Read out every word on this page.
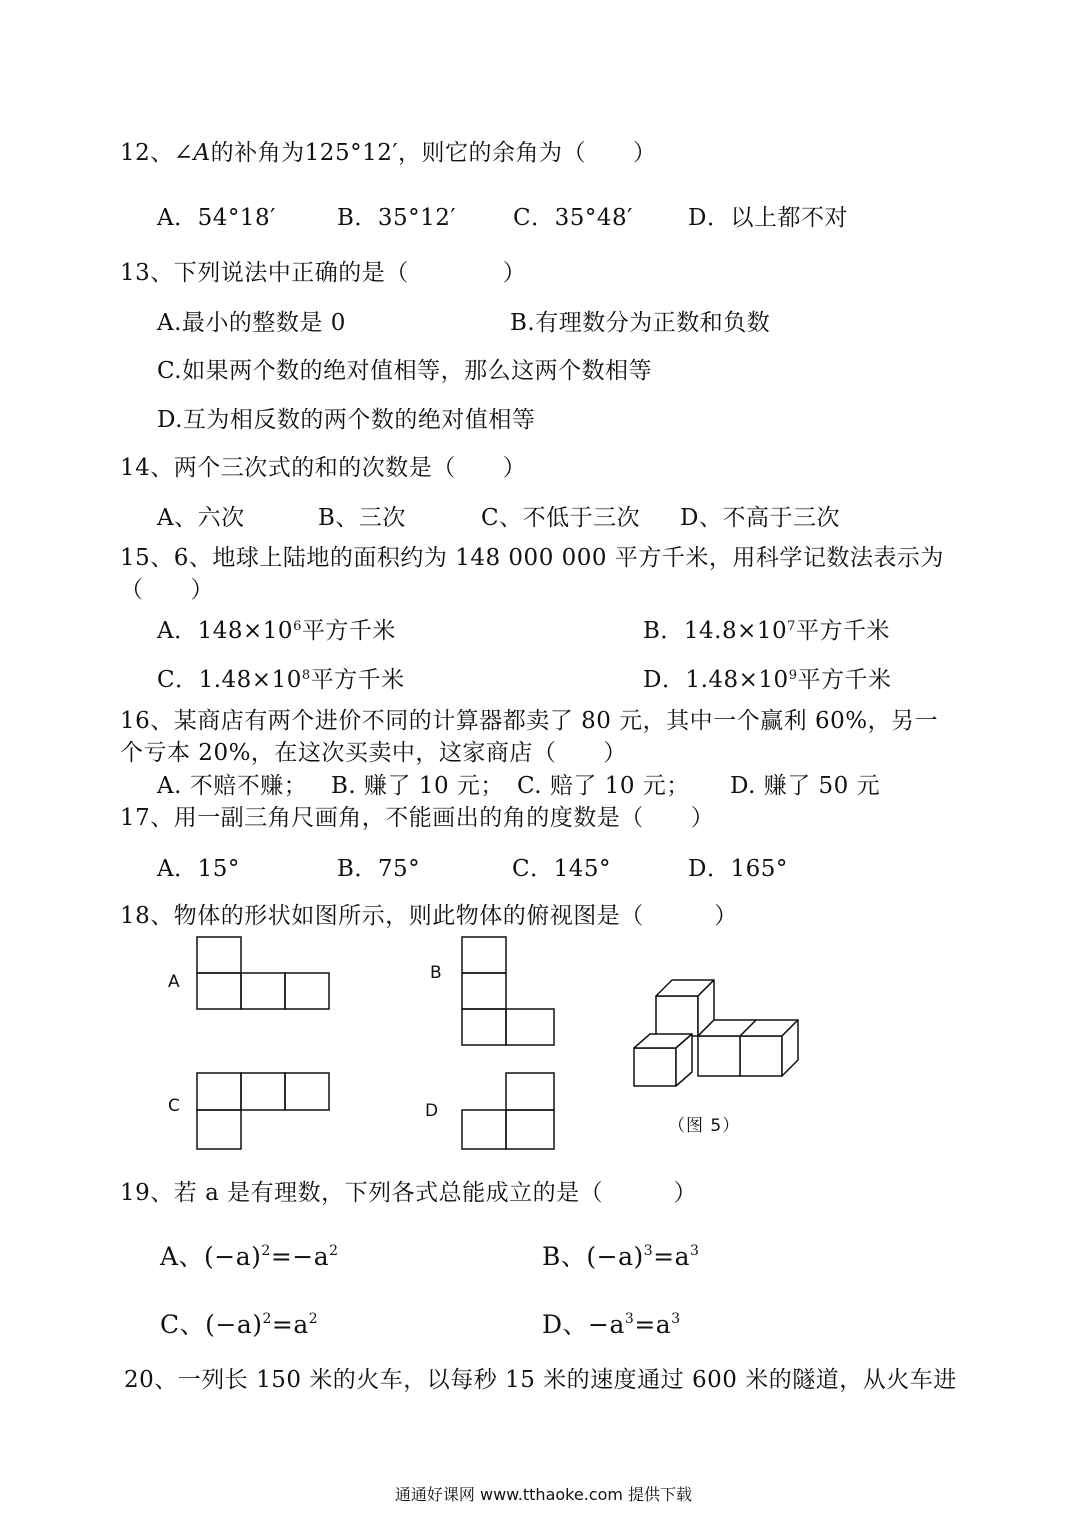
12、∠A的补角为125°12′，则它的余角为（　　）
A．54°18′	B．35°12′ C．35°48′ D．以上都不对
13、下列说法中正确的是（　　　　）
A.最小的整数是 0	B.有理数分为正数和负数
C.如果两个数的绝对值相等，那么这两个数相等
D.互为相反数的两个数的绝对值相等
14、两个三次式的和的次数是（　　）
A、六次	B、三次	C、不低于三次 D、不高于三次
15、6、地球上陆地的面积约为 148 000 000 平方千米，用科学记数法表示为
（　　）
A．$148\times 10^6$平方千米	B．$14.8\times 10^7$平方千米
C．$1.48\times 10^8$平方千米	D．$1.48\times 10^9$平方千米
16、某商店有两个进价不同的计算器都卖了 80 元，其中一个赢利 60%，另一
个亏本 20%，在这次买卖中，这家商店（　　）
A. 不赔不赚； B. 赚了 10 元； C. 赔了 10 元； D. 赚了 50 元
17、用一副三角尺画角，不能画出的角的度数是（　　）
A．15°	B．75°	C．145°	D．165°
18、物体的形状如图所示，则此物体的俯视图是（　　　）
A	B
C	D
（图 5）
19、若 a 是有理数，下列各式总能成立的是（　　　）
A、$(-a)^2=-a^2$	B、$(-a)^3=a^3$
C、$(-a)^2=a^2$	D、$-a^3=a^3$
20、一列长 150 米的火车，以每秒 15 米的速度通过 600 米的隧道，从火车进
通通好课网 www.tthaoke.com 提供下载
